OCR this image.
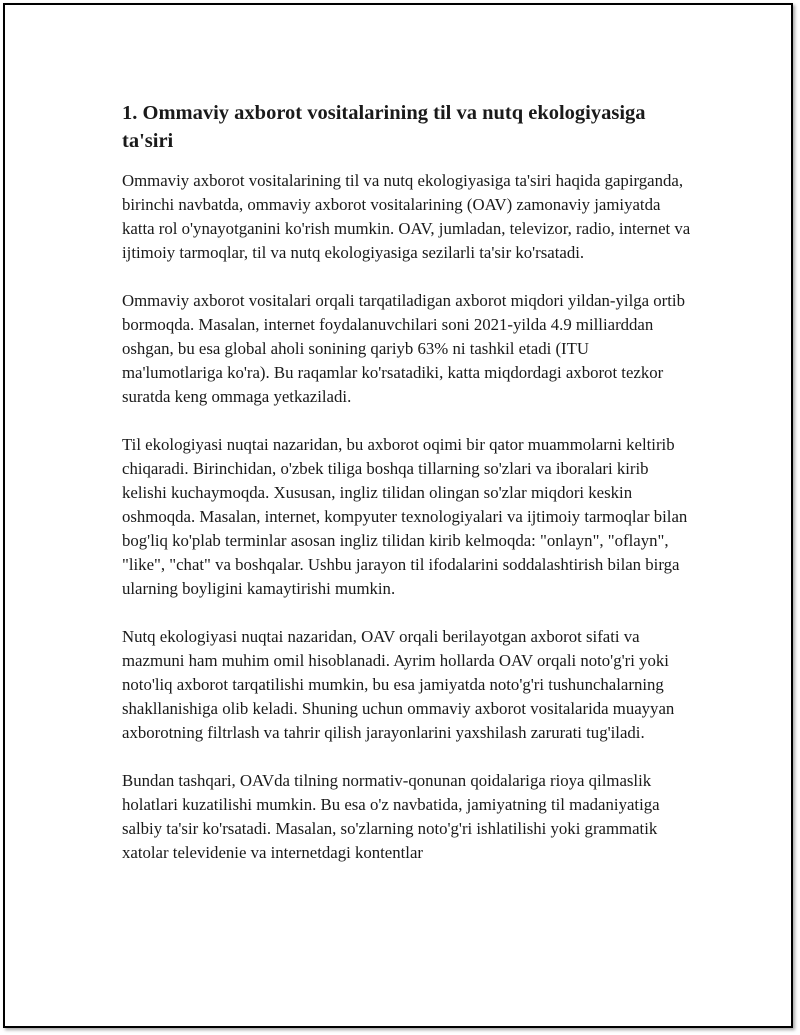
1. Ommaviy axborot vositalarining til va nutq ekologiyasiga ta'siri

Ommaviy axborot vositalarining til va nutq ekologiyasiga ta'siri haqida gapirganda, birinchi navbatda, ommaviy axborot vositalarining (OAV) zamonaviy jamiyatda katta rol o'ynayotganini ko'rish mumkin. OAV, jumladan, televizor, radio, internet va ijtimoiy tarmoqlar, til va nutq ekologiyasiga sezilarli ta'sir ko'rsatadi.

Ommaviy axborot vositalari orqali tarqatiladigan axborot miqdori yildan-yilga ortib bormoqda. Masalan, internet foydalanuvchilari soni 2021-yilda 4.9 milliarddan oshgan, bu esa global aholi sonining qariyb 63% ni tashkil etadi (ITU ma'lumotlariga ko'ra). Bu raqamlar ko'rsatadiki, katta miqdordagi axborot tezkor suratda keng ommaga yetkaziladi.

Til ekologiyasi nuqtai nazaridan, bu axborot oqimi bir qator muammolarni keltirib chiqaradi. Birinchidan, o'zbek tiliga boshqa tillarning so'zlari va iboralari kirib kelishi kuchaymoqda. Xususan, ingliz tilidan olingan so'zlar miqdori keskin oshmoqda. Masalan, internet, kompyuter texnologiyalari va ijtimoiy tarmoqlar bilan bog'liq ko'plab terminlar asosan ingliz tilidan kirib kelmoqda: "onlayn", "oflayn", "like", "chat" va boshqalar. Ushbu jarayon til ifodalarini soddalashtirish bilan birga ularning boyligini kamaytirishi mumkin.

Nutq ekologiyasi nuqtai nazaridan, OAV orqali berilayotgan axborot sifati va mazmuni ham muhim omil hisoblanadi. Ayrim hollarda OAV orqali noto'g'ri yoki noto'liq axborot tarqatilishi mumkin, bu esa jamiyatda noto'g'ri tushunchalarning shakllanishiga olib keladi. Shuning uchun ommaviy axborot vositalarida muayyan axborotning filtrlash va tahrir qilish jarayonlarini yaxshilash zarurati tug'iladi.

Bundan tashqari, OAVda tilning normativ-qonunan qoidalariga rioya qilmaslik holatlari kuzatilishi mumkin. Bu esa o'z navbatida, jamiyatning til madaniyatiga salbiy ta'sir ko'rsatadi. Masalan, so'zlarning noto'g'ri ishlatilishi yoki grammatik xatolar televidenie va internetdagi kontentlar
